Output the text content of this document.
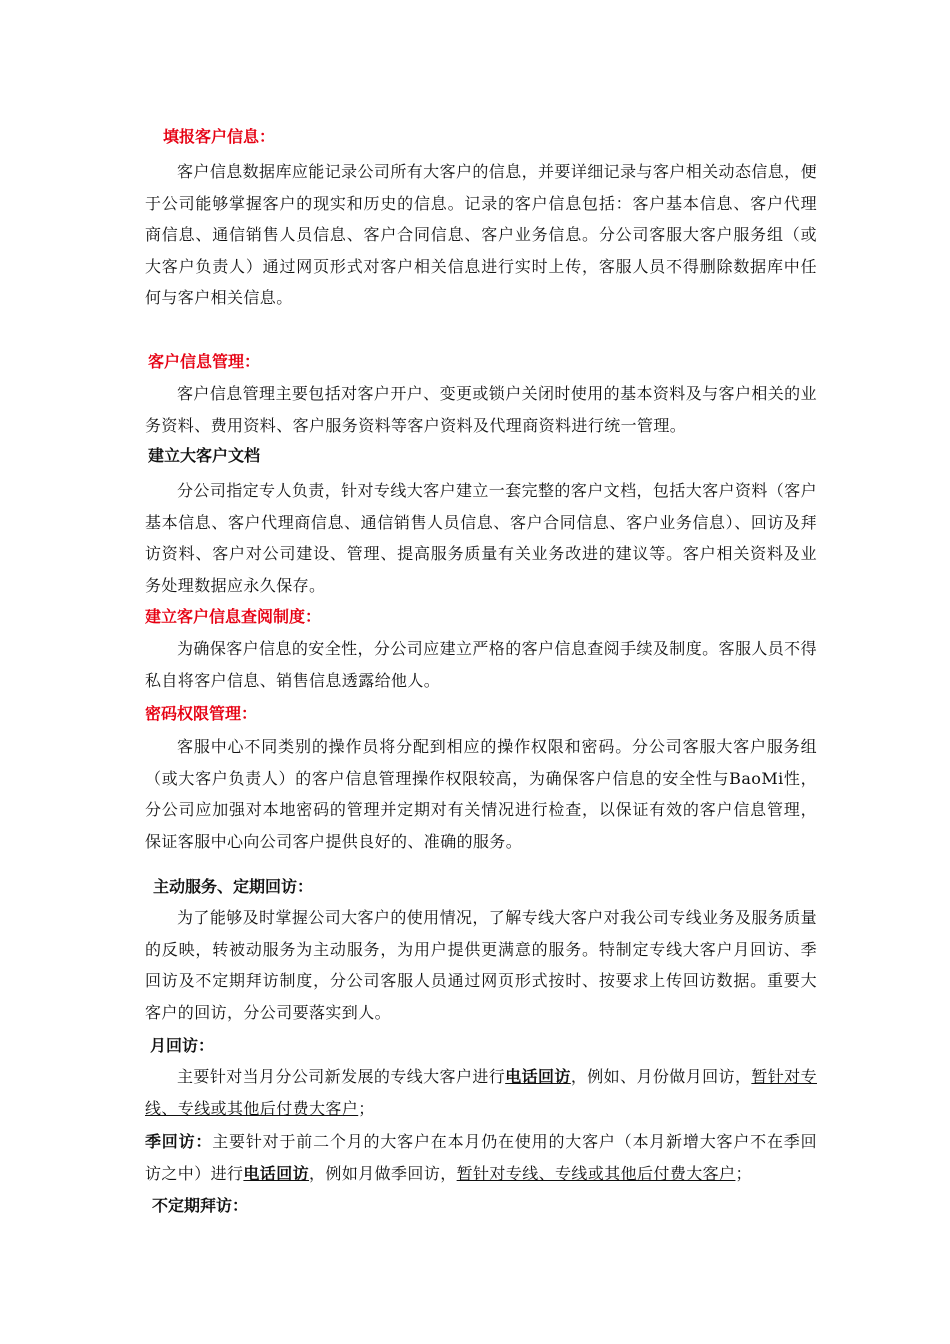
填报客户信息：

客户信息数据库应能记录公司所有大客户的信息，并要详细记录与客户相关动态信息，便于公司能够掌握客户的现实和历史的信息。记录的客户信息包括：客户基本信息、客户代理商信息、通信销售人员信息、客户合同信息、客户业务信息。分公司客服大客户服务组（或大客户负责人）通过网页形式对客户相关信息进行实时上传，客服人员不得删除数据库中任何与客户相关信息。

客户信息管理：

客户信息管理主要包括对客户开户、变更或锁户关闭时使用的基本资料及与客户相关的业务资料、费用资料、客户服务资料等客户资料及代理商资料进行统一管理。

建立大客户文档

分公司指定专人负责，针对专线大客户建立一套完整的客户文档，包括大客户资料（客户基本信息、客户代理商信息、通信销售人员信息、客户合同信息、客户业务信息）、回访及拜访资料、客户对公司建设、管理、提高服务质量有关业务改进的建议等。客户相关资料及业务处理数据应永久保存。

建立客户信息查阅制度：

为确保客户信息的安全性，分公司应建立严格的客户信息查阅手续及制度。客服人员不得私自将客户信息、销售信息透露给他人。

密码权限管理：

客服中心不同类别的操作员将分配到相应的操作权限和密码。分公司客服大客户服务组（或大客户负责人）的客户信息管理操作权限较高，为确保客户信息的安全性与BaoMi性，分公司应加强对本地密码的管理并定期对有关情况进行检查，以保证有效的客户信息管理，保证客服中心向公司客户提供良好的、准确的服务。

主动服务、定期回访：

为了能够及时掌握公司大客户的使用情况，了解专线大客户对我公司专线业务及服务质量的反映，转被动服务为主动服务，为用户提供更满意的服务。特制定专线大客户月回访、季回访及不定期拜访制度，分公司客服人员通过网页形式按时、按要求上传回访数据。重要大客户的回访，分公司要落实到人。

月回访：

主要针对当月分公司新发展的专线大客户进行电话回访，例如、月份做月回访，暂针对专线、专线或其他后付费大客户；

季回访：主要针对于前二个月的大客户在本月仍在使用的大客户（本月新增大客户不在季回访之中）进行电话回访，例如月做季回访，暂针对专线、专线或其他后付费大客户；

不定期拜访：
